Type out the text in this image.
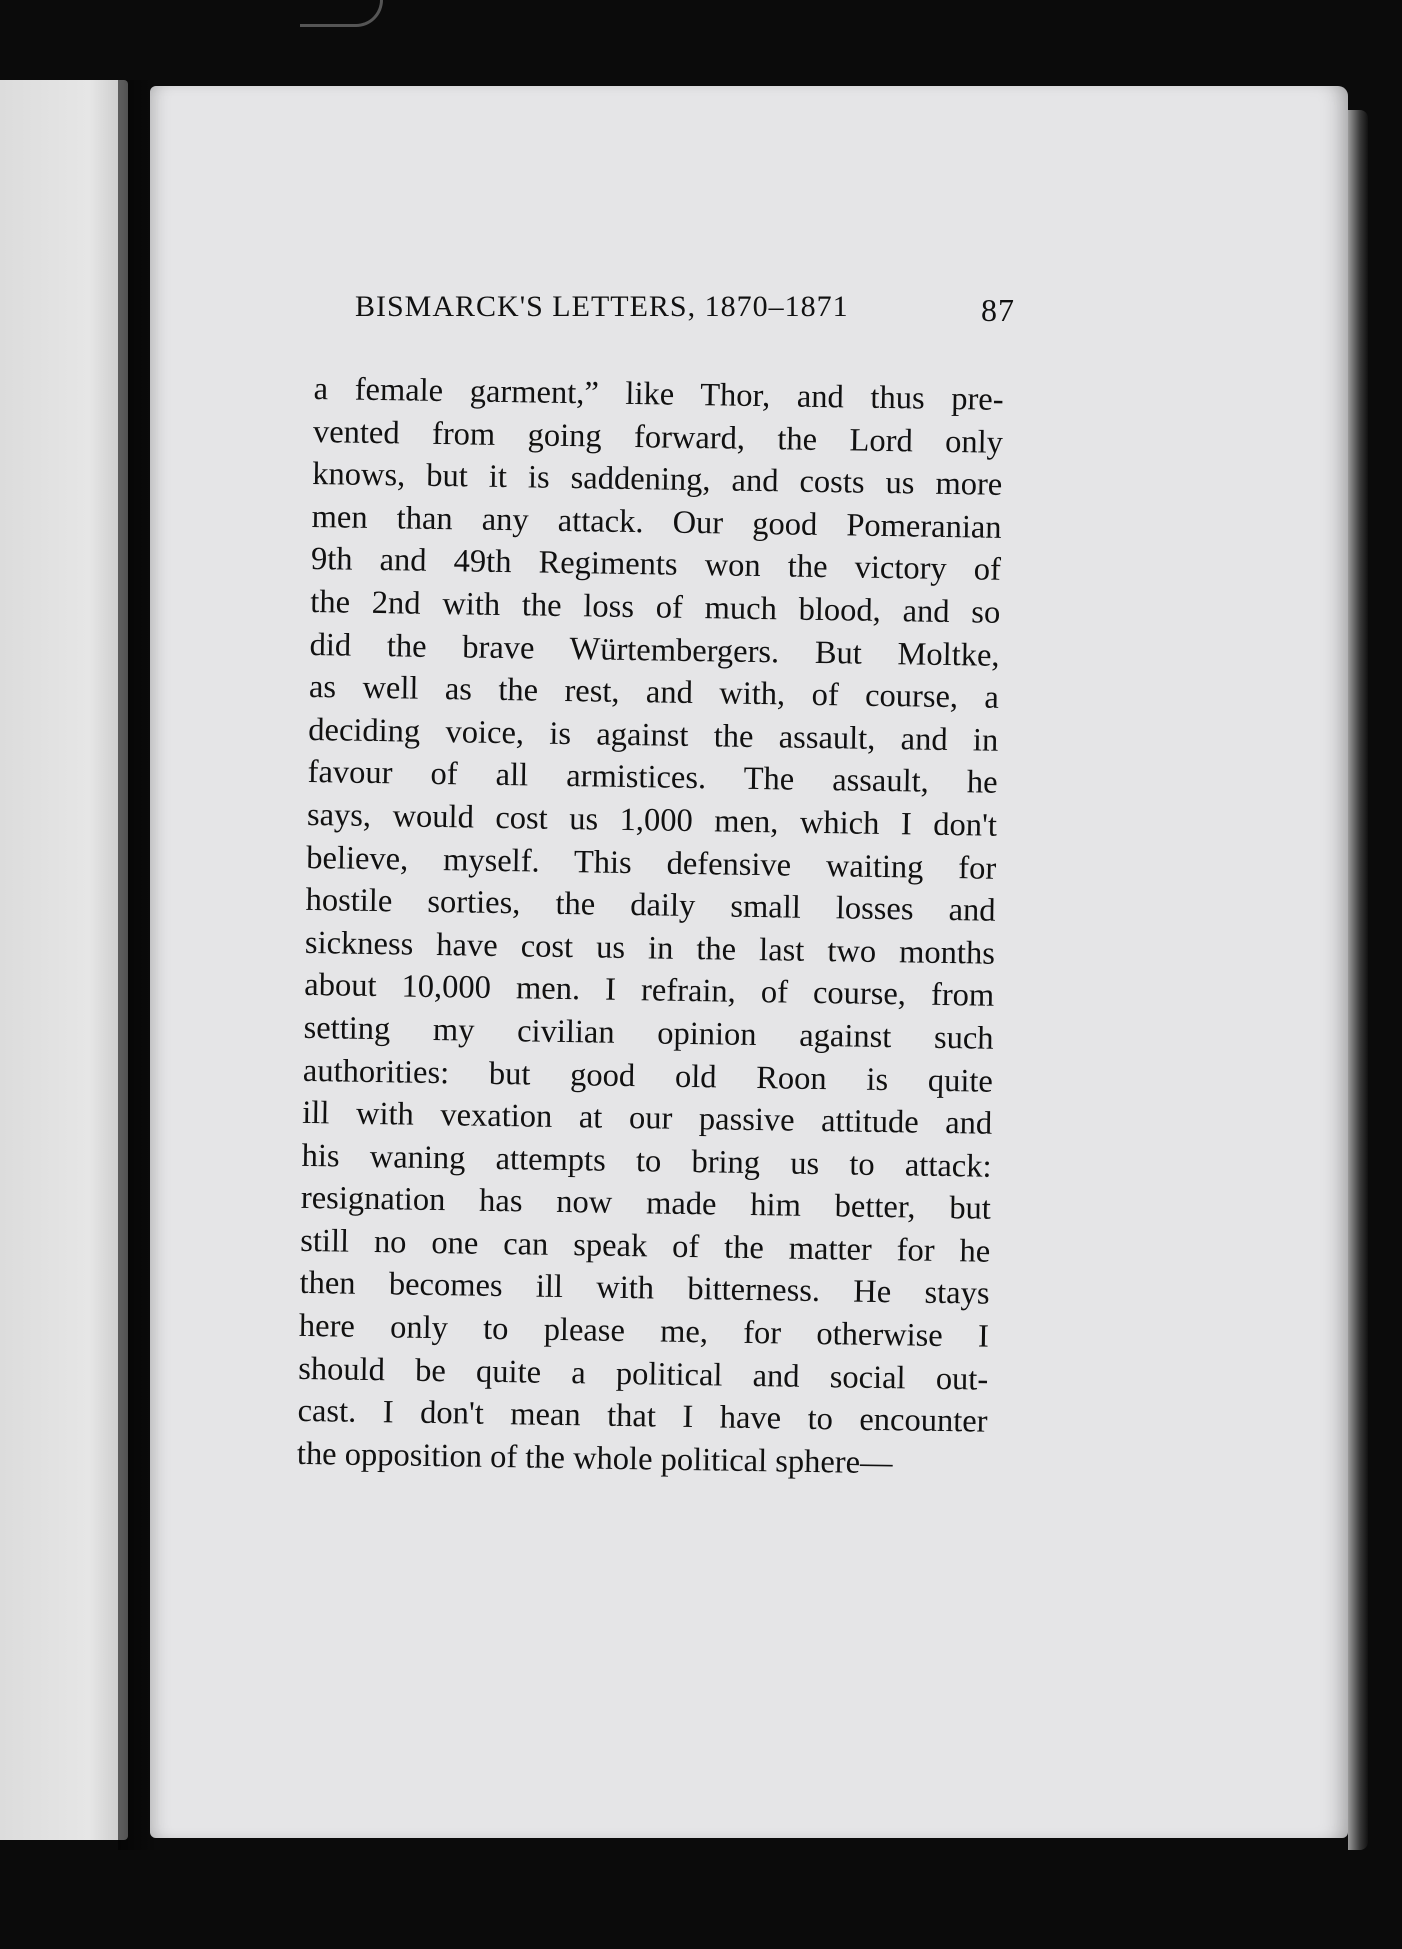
BISMARCK'S LETTERS, 1870–1871	87
a female garment,” like Thor, and thus pre-
vented from going forward, the Lord only
knows, but it is saddening, and costs us more
men than any attack. Our good Pomeranian
9th and 49th Regiments won the victory of
the 2nd with the loss of much blood, and so
did the brave Würtembergers. But Moltke,
as well as the rest, and with, of course, a
deciding voice, is against the assault, and in
favour of all armistices. The assault, he
says, would cost us 1,000 men, which I don't
believe, myself. This defensive waiting for
hostile sorties, the daily small losses and
sickness have cost us in the last two months
about 10,000 men. I refrain, of course, from
setting my civilian opinion against such
authorities: but good old Roon is quite
ill with vexation at our passive attitude and
his waning attempts to bring us to attack:
resignation has now made him better, but
still no one can speak of the matter for he
then becomes ill with bitterness. He stays
here only to please me, for otherwise I
should be quite a political and social out-
cast. I don't mean that I have to encounter
the opposition of the whole political sphere—
